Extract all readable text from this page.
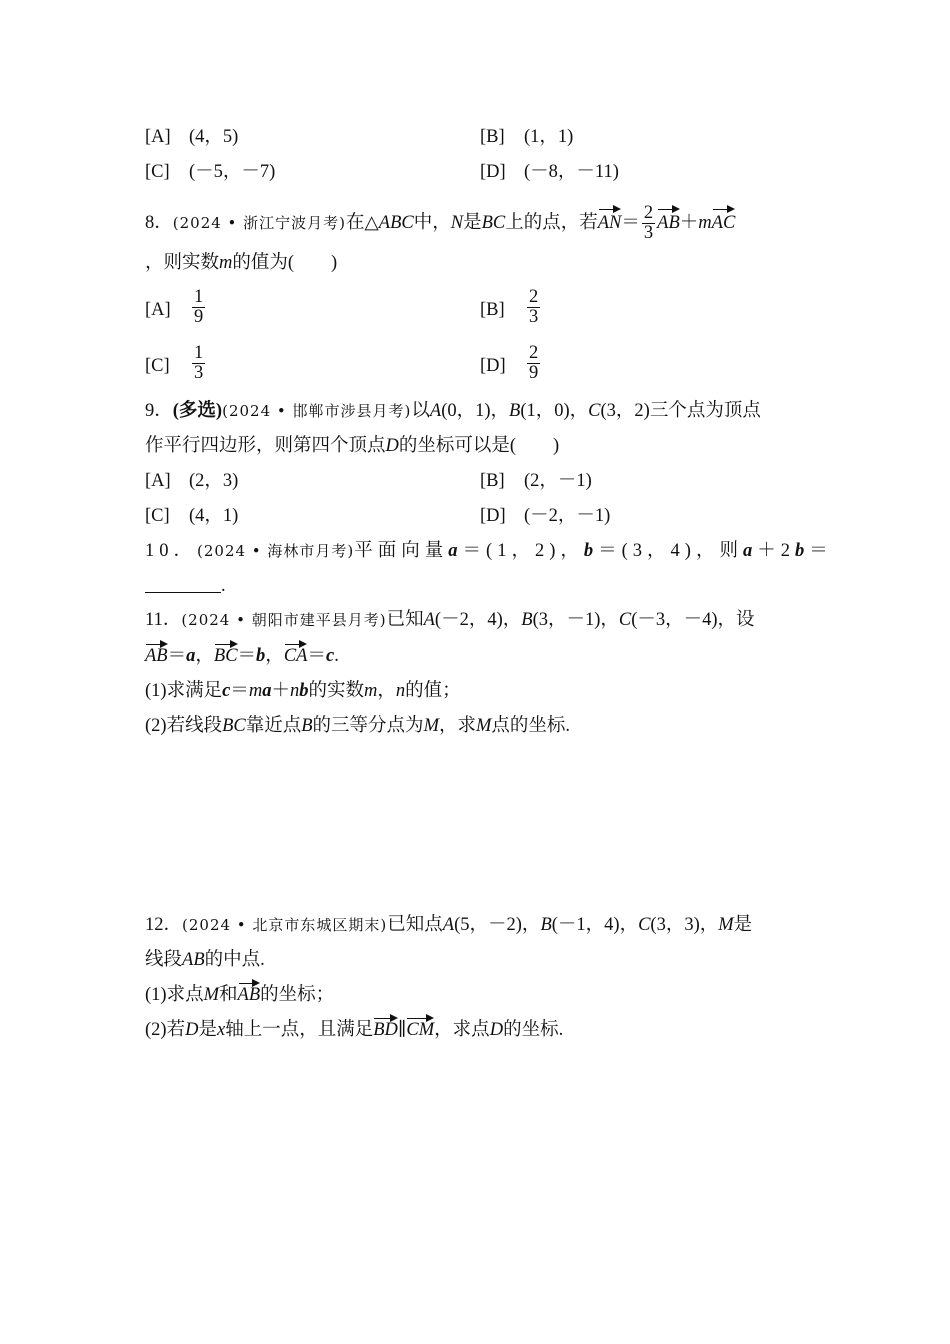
[A] (4，5)	[B] (1，1)
[C] (－5，－7)	[D] (－8，－11)
8．(2024 • 浙江宁波月考)在△ABC中，N是BC上的点，若$AN= \frac{2}{3} AB+mAC$
，则实数m的值为(　　)
$[A] \frac{1}{9}$	$[B] \frac{2}{3}$
$[C] \frac{1}{3}$	$[D] \frac{2}{9}$
9．(多选)(2024 • 邯郸市涉县月考)以A(0，1)，B(1，0)，C(3，2)三个点为顶点
作平行四边形，则第四个顶点D的坐标可以是(　　)
[A] (2，3)	[B] (2，－1)
[C] (4，1)	[D] (－2，－1)
10．(2024 • 海林市月考)平面向量a＝(1，2)，b＝(3，4)，则a＋2b＝
.
11．(2024 • 朝阳市建平县月考)已知A(－2，4)，B(3，－1)，C(－3，－4)，设
AB＝a，BC＝b，CA＝c.
(1)求满足c＝ma＋nb的实数m，n的值；
(2)若线段BC靠近点B的三等分点为M，求M点的坐标.
12．(2024 • 北京市东城区期末)已知点A(5，－2)，B(－1，4)，C(3，3)，M是
线段AB的中点.
(1)求点M和AB的坐标；
(2)若D是x轴上一点，且满足BD∥CM，求点D的坐标.
